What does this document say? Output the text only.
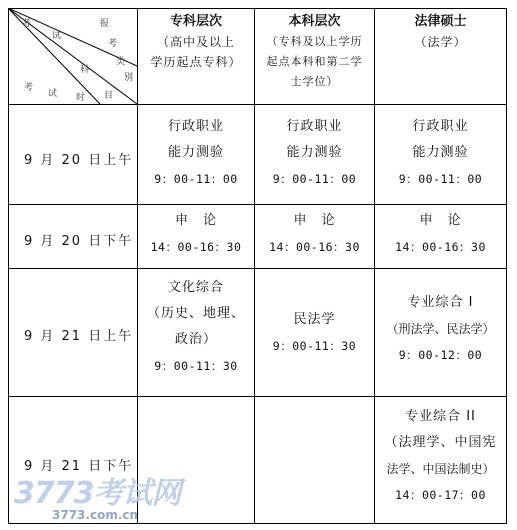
考
试
报
考
类
别
科
目
考
试 时
专科层次
（高中及以上
学历起点专科）
本科层次
（专科及以上学历
起点本科和第二学
士学位）
法律硕士
（法学）
9 月 20 日上午
行政职业
能力测验
9：00-11：00
行政职业
能力测验
9：00-11：00
行政职业
能力测验
9：00-11：00
9 月 20 日下午
申　论
14：00-16：30
申　论
14：00-16：30
申　论
14：00-16：30
9 月 21 日上午
文化综合
（历史、地理、
政治）
9：00-11：30
民法学
9：00-11：30
专业综合 I
（刑法学、民法学）
9：00-12：00
9 月 21 日下午
专业综合 II
（法理学、中国宪
法学、中国法制史）
14：00-17：00
3773考试网
3773.com.cn
